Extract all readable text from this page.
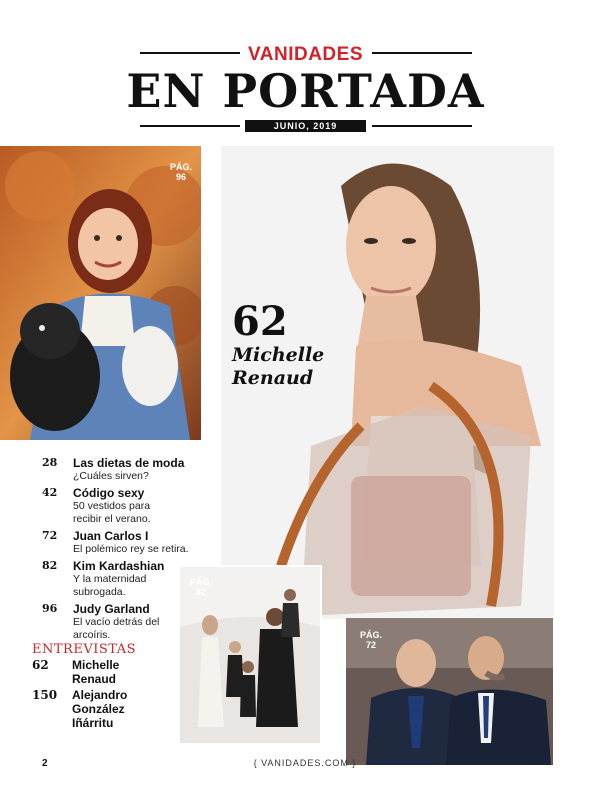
VANIDADES
EN PORTADA
JUNIO, 2019
PÁG.
96
62
Michelle Renaud
28	Las dietas de moda
¿Cuáles sirven?
42	Código sexy
50 vestidos para recibir el verano.
72	Juan Carlos I
El polémico rey se retira.
82	Kim Kardashian
Y la maternidad subrogada.
96	Judy Garland
El vacío detrás del arcoíris.
ENTREVISTAS
62	Michelle
Renaud
150	Alejandro
González
Iñárritu
PÁG.
82
PÁG.
72
2	{ VANIDADES.COM }
